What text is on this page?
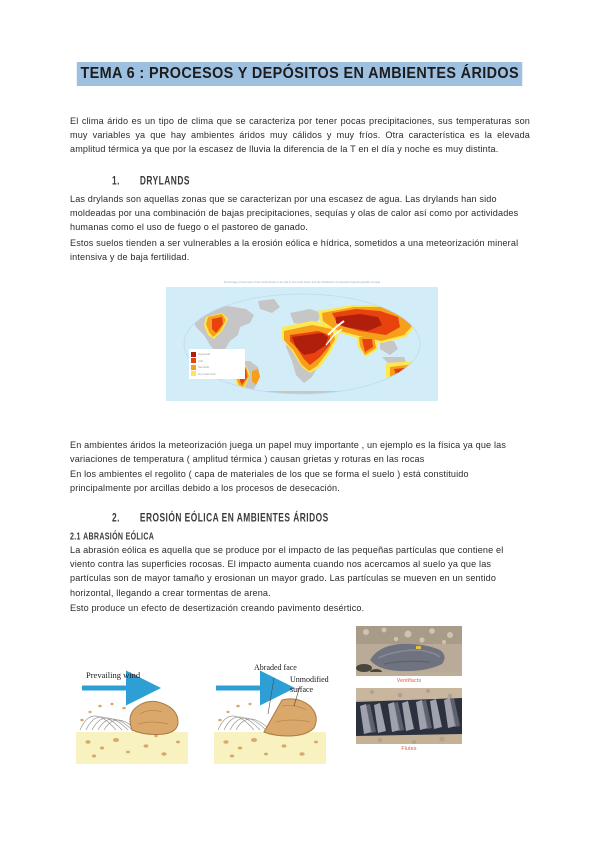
TEMA 6 : PROCESOS Y DEPÓSITOS EN AMBIENTES ÁRIDOS
El clima árido es un tipo de clima que se caracteriza por tener pocas precipitaciones, sus temperaturas son muy variables ya que hay ambientes áridos muy cálidos y muy fríos. Otra característica es la elevada amplitud térmica ya que por la escasez de lluvia la diferencia de la T en el día y noche es muy distinta.
1. DRYLANDS
Las drylands son aquellas zonas que se caracterizan por una escasez de agua. Las drylands han sido moldeadas por una combinación de bajas precipitaciones, sequías y olas de calor así como por actividades humanas como el uso de fuego o el pastoreo de ganado.
Estos suelos tienden a ser vulnerables a la erosión eólica e hídrica, sometidos a una meteorización mineral intensiva y de baja fertilidad.
Percentage of land area of the world shown to be arid or semi-arid zones and the distribution of potential drylands globally of areas
Hyperarid
Arid
Semiarid
Dry subhumid
En ambientes áridos la meteorización juega un papel muy importante , un ejemplo es la física ya que las variaciones de temperatura ( amplitud térmica ) causan grietas y roturas en las rocas
En los ambientes el regolito ( capa de materiales de los que se forma el suelo ) está constituido principalmente por arcillas debido a los procesos de desecación.
2. EROSIÓN EÓLICA EN AMBIENTES ÁRIDOS
2.1 ABRASIÓN EÓLICA
La abrasión eólica es aquella que se produce por el impacto de las pequeñas partículas que contiene el viento contra las superficies rocosas. El impacto aumenta cuando nos acercamos al suelo ya que las partículas son de mayor tamaño y erosionan un mayor grado. Las partículas se mueven en un sentido horizontal, llegando a crear tormentas de arena.
Esto produce un efecto de desertización creando pavimento desértico.
Prevailing wind
Abraded face
Unmodified
surface
Ventifacts
Flutes
